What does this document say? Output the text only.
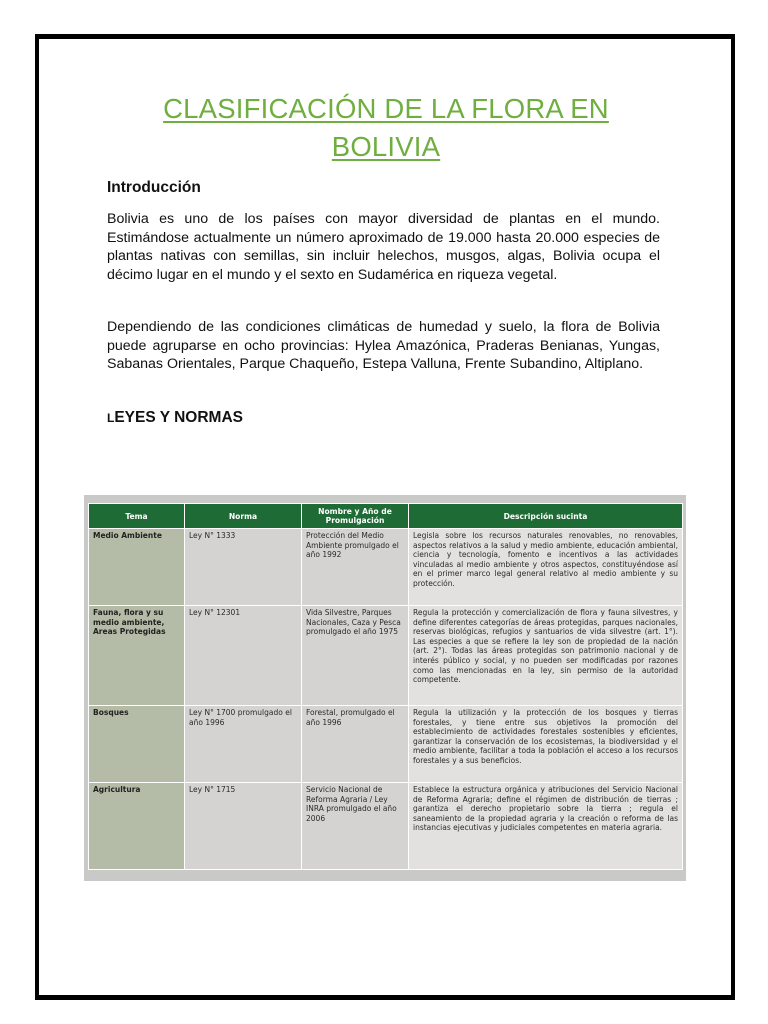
CLASIFICACIÓN DE LA FLORA EN BOLIVIA
Introducción

Bolivia es uno de los países con mayor diversidad de plantas en el mundo. Estimándose actualmente un número aproximado de 19.000 hasta 20.000 especies de plantas nativas con semillas, sin incluir helechos, musgos, algas, Bolivia ocupa el décimo lugar en el mundo y el sexto en Sudamérica en riqueza vegetal.

Dependiendo de las condiciones climáticas de humedad y suelo, la flora de Bolivia puede agruparse en ocho provincias: Hylea Amazónica, Praderas Benianas, Yungas, Sabanas Orientales, Parque Chaqueño, Estepa Valluna, Frente Subandino, Altiplano.

LEYES Y NORMAS
Tema	Norma	Nombre y Año de Promulgación	Descripción sucinta
Medio Ambiente	Ley N° 1333	Protección del Medio Ambiente promulgado el año 1992	Legisla sobre los recursos naturales renovables, no renovables, aspectos relativos a la salud y medio ambiente, educación ambiental, ciencia y tecnología, fomento e incentivos a las actividades vinculadas al medio ambiente y otros aspectos, constituyéndose así en el primer marco legal general relativo al medio ambiente y su protección.
Fauna, flora y su medio ambiente, Areas Protegidas	Ley N° 12301	Vida Silvestre, Parques Nacionales, Caza y Pesca promulgado el año 1975	Regula la protección y comercialización de flora y fauna silvestres, y define diferentes categorías de áreas protegidas, parques nacionales, reservas biológicas, refugios y santuarios de vida silvestre (art. 1°). Las especies a que se refiere la ley son de propiedad de la nación (art. 2°). Todas las áreas protegidas son patrimonio nacional y de interés público y social, y no pueden ser modificadas por razones como las mencionadas en la ley, sin permiso de la autoridad competente.
Bosques	Ley N° 1700 promulgado el año 1996	Forestal, promulgado el año 1996	Regula la utilización y la protección de los bosques y tierras forestales, y tiene entre sus objetivos la promoción del establecimiento de actividades forestales sostenibles y eficientes, garantizar la conservación de los ecosistemas, la biodiversidad y el medio ambiente, facilitar a toda la población el acceso a los recursos forestales y a sus beneficios.
Agricultura	Ley N° 1715	Servicio Nacional de Reforma Agraria / Ley INRA promulgado el año 2006	Establece la estructura orgánica y atribuciones del Servicio Nacional de Reforma Agraria; define el régimen de distribución de tierras ; garantiza el derecho propietario sobre la tierra ; regula el saneamiento de la propiedad agraria y la creación o reforma de las instancias ejecutivas y judiciales competentes en materia agraria.
